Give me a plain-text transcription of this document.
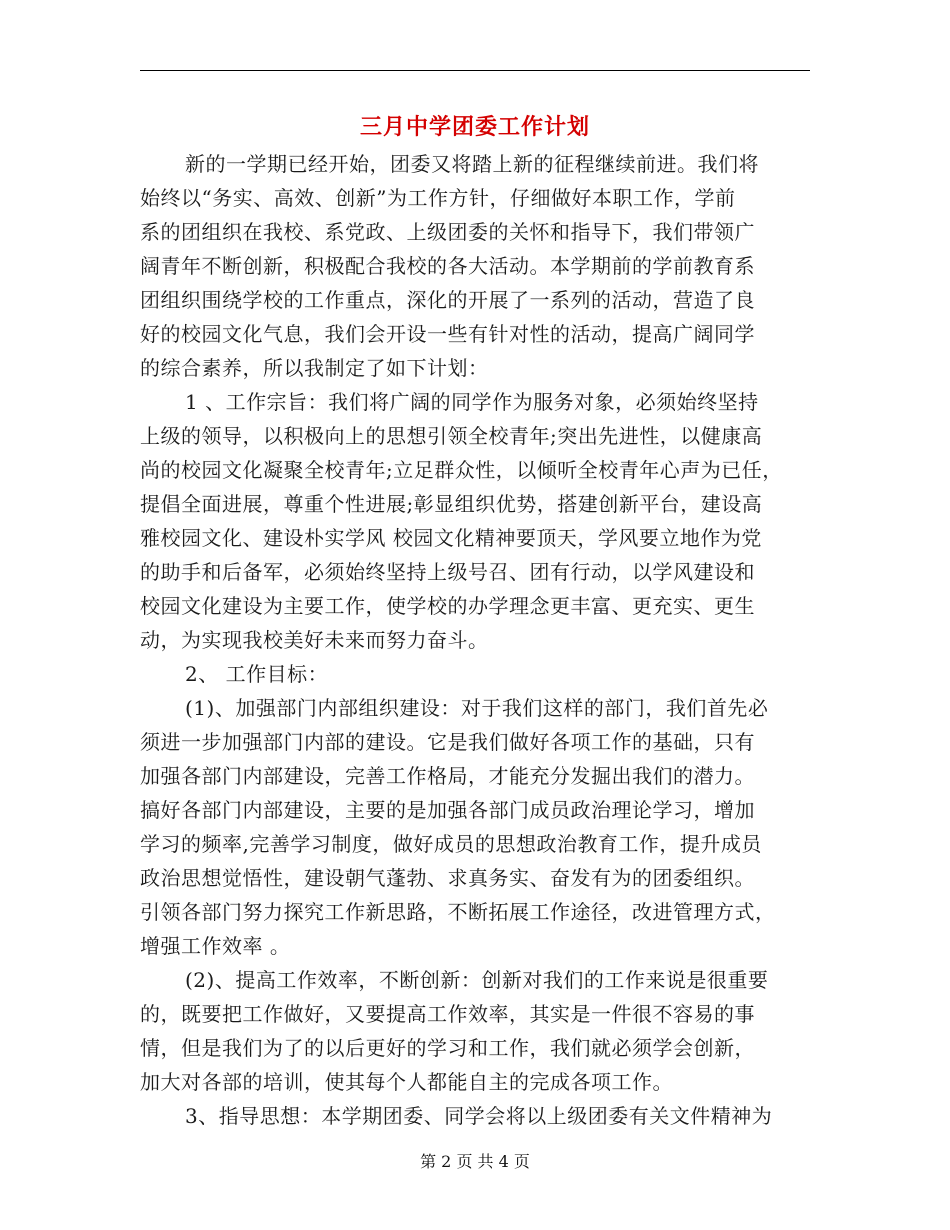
三月中学团委工作计划
新的一学期已经开始，团委又将踏上新的征程继续前进。我们将
始终以“务实、高效、创新”为工作方针，仔细做好本职工作，学前
系的团组织在我校、系党政、上级团委的关怀和指导下，我们带领广
阔青年不断创新，积极配合我校的各大活动。本学期前的学前教育系
团组织围绕学校的工作重点，深化的开展了一系列的活动，营造了良
好的校园文化气息，我们会开设一些有针对性的活动，提高广阔同学
的综合素养，所以我制定了如下计划：
1 、工作宗旨：我们将广阔的同学作为服务对象，必须始终坚持
上级的领导，以积极向上的思想引领全校青年;突出先进性，以健康高
尚的校园文化凝聚全校青年;立足群众性，以倾听全校青年心声为已任，
提倡全面进展，尊重个性进展;彰显组织优势，搭建创新平台，建设高
雅校园文化、建设朴实学风 校园文化精神要顶天，学风要立地作为党
的助手和后备军，必须始终坚持上级号召、团有行动，以学风建设和
校园文化建设为主要工作，使学校的办学理念更丰富、更充实、更生
动，为实现我校美好未来而努力奋斗。
2、 工作目标：
(1)、加强部门内部组织建设：对于我们这样的部门，我们首先必
须进一步加强部门内部的建设。它是我们做好各项工作的基础，只有
加强各部门内部建设，完善工作格局，才能充分发掘出我们的潜力。
搞好各部门内部建设，主要的是加强各部门成员政治理论学习，增加
学习的频率,完善学习制度，做好成员的思想政治教育工作，提升成员
政治思想觉悟性，建设朝气蓬勃、求真务实、奋发有为的团委组织。
引领各部门努力探究工作新思路，不断拓展工作途径，改进管理方式，
增强工作效率 。
(2)、提高工作效率，不断创新：创新对我们的工作来说是很重要
的，既要把工作做好，又要提高工作效率，其实是一件很不容易的事
情，但是我们为了的以后更好的学习和工作，我们就必须学会创新，
加大对各部的培训，使其每个人都能自主的完成各项工作。
3、指导思想：本学期团委、同学会将以上级团委有关文件精神为
第 2 页 共 4 页
